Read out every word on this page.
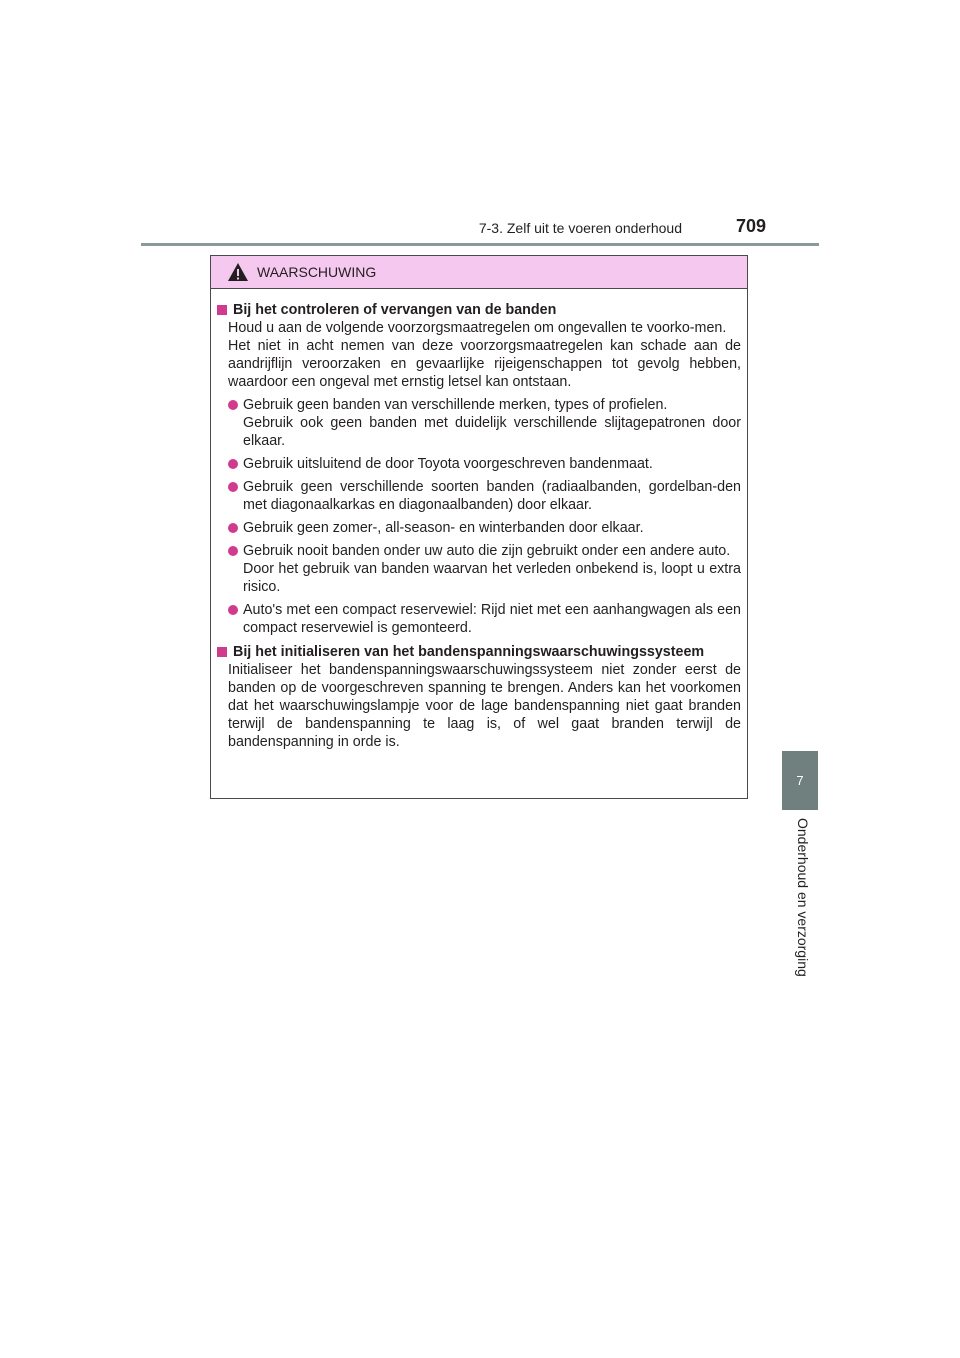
7-3. Zelf uit te voeren onderhoud	709
7
Onderhoud en verzorging
WAARSCHUWING
Bij het controleren of vervangen van de banden
Houd u aan de volgende voorzorgsmaatregelen om ongevallen te voorko-men.
Het niet in acht nemen van deze voorzorgsmaatregelen kan schade aan de aandrijflijn veroorzaken en gevaarlijke rijeigenschappen tot gevolg hebben, waardoor een ongeval met ernstig letsel kan ontstaan.
Gebruik geen banden van verschillende merken, types of profielen.
Gebruik ook geen banden met duidelijk verschillende slijtagepatronen door elkaar.
Gebruik uitsluitend de door Toyota voorgeschreven bandenmaat.
Gebruik geen verschillende soorten banden (radiaalbanden, gordelban-den met diagonaalkarkas en diagonaalbanden) door elkaar.
Gebruik geen zomer-, all-season- en winterbanden door elkaar.
Gebruik nooit banden onder uw auto die zijn gebruikt onder een andere auto.
Door het gebruik van banden waarvan het verleden onbekend is, loopt u extra risico.
Auto's met een compact reservewiel: Rijd niet met een aanhangwagen als een compact reservewiel is gemonteerd.
Bij het initialiseren van het bandenspanningswaarschuwingssysteem
Initialiseer het bandenspanningswaarschuwingssysteem niet zonder eerst de banden op de voorgeschreven spanning te brengen. Anders kan het voorkomen dat het waarschuwingslampje voor de lage bandenspanning niet gaat branden terwijl de bandenspanning te laag is, of wel gaat branden terwijl de bandenspanning in orde is.
